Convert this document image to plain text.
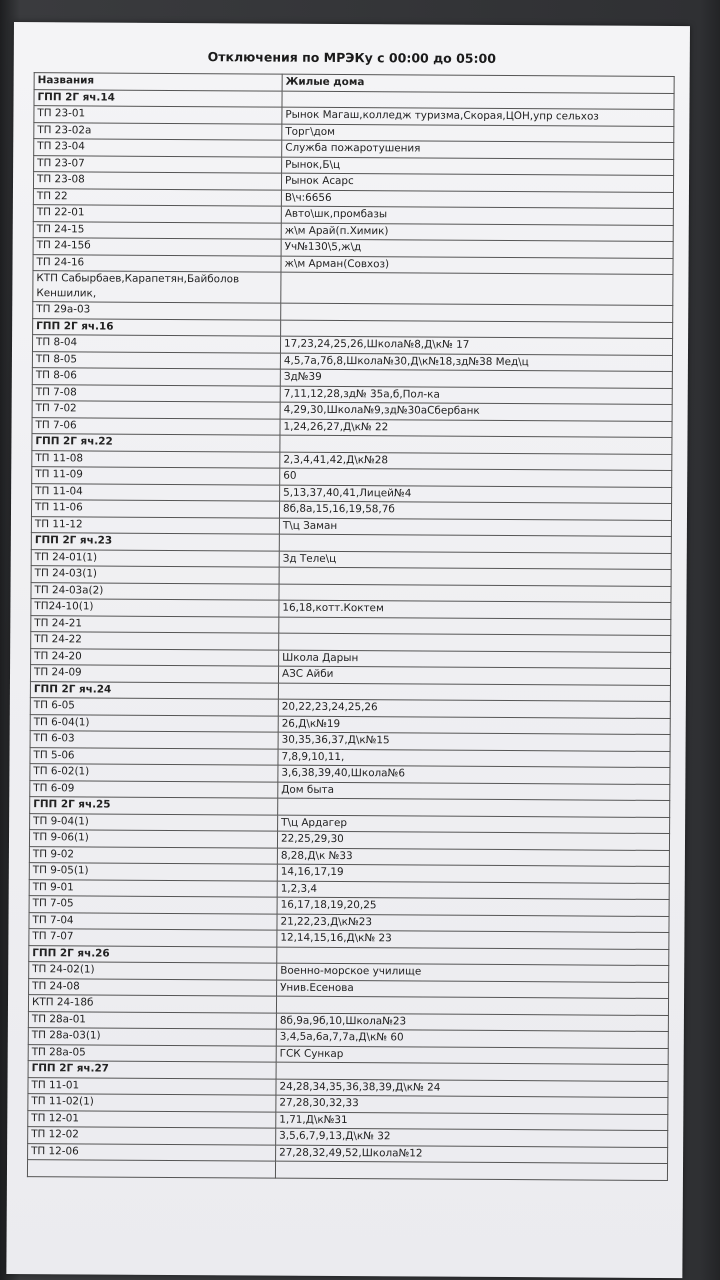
Отключения по МРЭКу с 00:00 до 05:00
Названия	Жилые дома
ГПП 2Г яч.14	
ТП 23-01	Рынок Магаш,колледж туризма,Скорая,ЦОН,упр сельхоз
ТП 23-02а	Торг\дом
ТП 23-04	Служба пожаротушения
ТП 23-07	Рынок,Б\ц
ТП 23-08	Рынок Асарс
ТП 22	В\ч:6656
ТП 22-01	Авто\шк,промбазы
ТП 24-15	ж\м Арай(п.Химик)
ТП 24-15б	Уч№130\5,ж\д
ТП 24-16	ж\м Арман(Совхоз)
КТП Сабырбаев,Карапетян,Байболов Кеншилик,	
ТП 29а-03	
ГПП 2Г яч.16	
ТП 8-04	17,23,24,25,26,Школа№8,Д\к№ 17
ТП 8-05	4,5,7а,7б,8,Школа№30,Д\к№18,зд№38 Мед\ц
ТП 8-06	Зд№39
ТП 7-08	7,11,12,28,зд№ 35а,б,Пол-ка
ТП 7-02	4,29,30,Школа№9,зд№30аСбербанк
ТП 7-06	1,24,26,27,Д\к№ 22
ГПП 2Г яч.22	
ТП 11-08	2,3,4,41,42,Д\к№28
ТП 11-09	60
ТП 11-04	5,13,37,40,41,Лицей№4
ТП 11-06	8б,8а,15,16,19,58,7б
ТП 11-12	Т\ц Заман
ГПП 2Г яч.23	
ТП 24-01(1)	Зд Теле\ц
ТП 24-03(1)	
ТП 24-03а(2)	
ТП24-10(1)	16,18,котт.Коктем
ТП 24-21	
ТП 24-22	
ТП 24-20	Школа Дарын
ТП 24-09	АЗС Айби
ГПП 2Г яч.24	
ТП 6-05	20,22,23,24,25,26
ТП 6-04(1)	26,Д\к№19
ТП 6-03	30,35,36,37,Д\к№15
ТП 5-06	7,8,9,10,11,
ТП 6-02(1)	3,6,38,39,40,Школа№6
ТП 6-09	Дом быта
ГПП 2Г яч.25	
ТП 9-04(1)	Т\ц Ардагер
ТП 9-06(1)	22,25,29,30
ТП 9-02	8,28,Д\к №33
ТП 9-05(1)	14,16,17,19
ТП 9-01	1,2,3,4
ТП 7-05	16,17,18,19,20,25
ТП 7-04	21,22,23,Д\к№23
ТП 7-07	12,14,15,16,Д\к№ 23
ГПП 2Г яч.26	
ТП 24-02(1)	Военно-морское училище
ТП 24-08	Унив.Есенова
КТП 24-18б	
ТП 28а-01	8б,9а,9б,10,Школа№23
ТП 28а-03(1)	3,4,5а,6а,7,7а,Д\к№ 60
ТП 28а-05	ГСК Сункар
ГПП 2Г яч.27	
ТП 11-01	24,28,34,35,36,38,39,Д\к№ 24
ТП 11-02(1)	27,28,30,32,33
ТП 12-01	1,71,Д\к№31
ТП 12-02	3,5,6,7,9,13,Д\к№ 32
ТП 12-06	27,28,32,49,52,Школа№12
